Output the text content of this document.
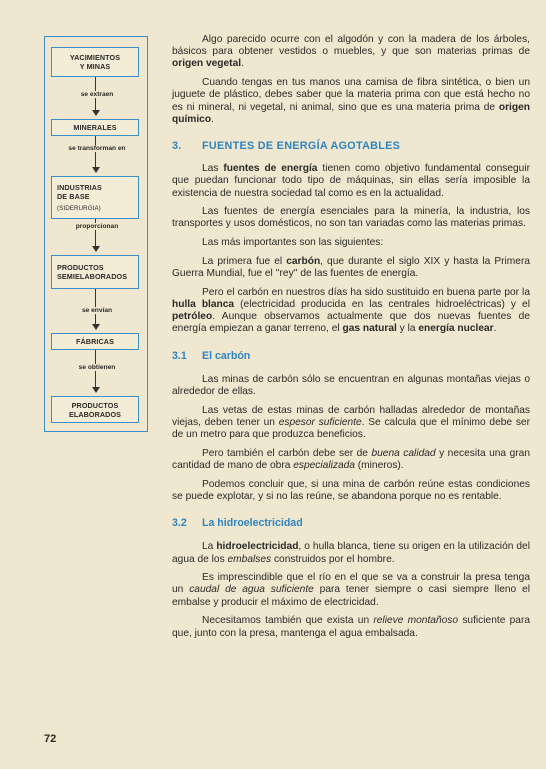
YACIMIENTOS
Y MINAS
se extraen
MINERALES
se transforman en
INDUSTRIAS
DE BASE
(SIDERURGIA)
proporcionan
PRODUCTOS
SEMIELABORADOS
se envían
FÁBRICAS
se obtienen
PRODUCTOS
ELABORADOS

Algo parecido ocurre con el algodón y con la madera de los árboles, básicos para obtener vestidos o muebles, y que son materias primas de origen vegetal.

Cuando tengas en tus manos una camisa de fibra sintética, o bien un juguete de plástico, debes saber que la materia prima con que está hecho no es ni mineral, ni vegetal, ni animal, sino que es una materia prima de origen químico.

3. FUENTES DE ENERGÍA AGOTABLES

Las fuentes de energía tienen como objetivo fundamental conseguir que puedan funcionar todo tipo de máquinas, sin ellas sería imposible la existencia de nuestra sociedad tal como es en la actualidad.

Las fuentes de energía esenciales para la minería, la industria, los transportes y usos domésticos, no son tan variadas como las materias primas.

Las más importantes son las siguientes:

La primera fue el carbón, que durante el siglo XIX y hasta la Primera Guerra Mundial, fue el ''rey'' de las fuentes de energía.

Pero el carbón en nuestros días ha sido sustituido en buena parte por la hulla blanca (electricidad producida en las centrales hidroeléctricas) y el petróleo. Aunque observamos actualmente que dos nuevas fuentes de energía empiezan a ganar terreno, el gas natural y la energía nuclear.

3.1 El carbón

Las minas de carbón sólo se encuentran en algunas montañas viejas o alrededor de ellas.

Las vetas de estas minas de carbón halladas alrededor de montañas viejas, deben tener un espesor suficiente. Se calcula que el mínimo debe ser de un metro para que produzca beneficios.

Pero también el carbón debe ser de buena calidad y necesita una gran cantidad de mano de obra especializada (mineros).

Podemos concluir que, si una mina de carbón reúne estas condiciones se puede explotar, y si no las reúne, se abandona porque no es rentable.

3.2 La hidroelectricidad

La hidroelectricidad, o hulla blanca, tiene su origen en la utilización del agua de los embalses construidos por el hombre.

Es imprescindible que el río en el que se va a construir la presa tenga un caudal de agua suficiente para tener siempre o casi siempre lleno el embalse y producir el máximo de electricidad.

Necesitamos también que exista un relieve montañoso suficiente para que, junto con la presa, mantenga el agua embalsada.

72
